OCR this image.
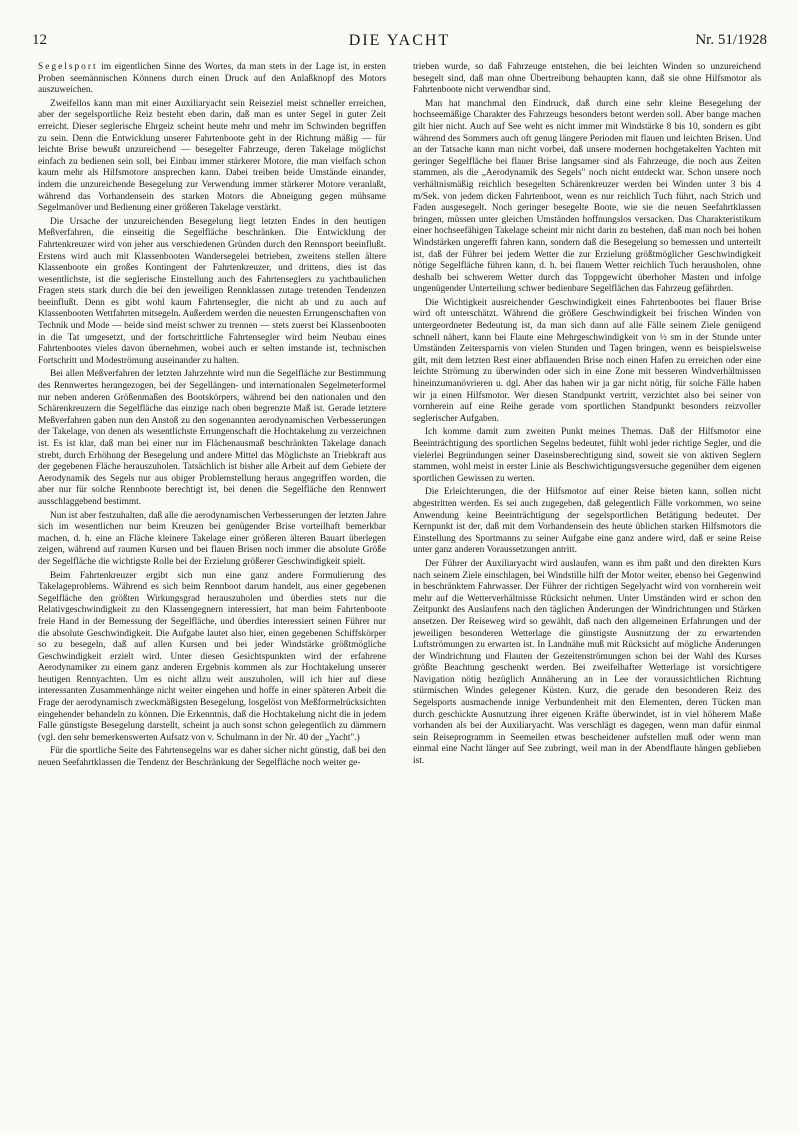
12	DIE YACHT	Nr. 51/1928

Segelsport im eigentlichen Sinne des Wortes, da man stets in der Lage ist, in ersten Proben seemännischen Könnens durch einen Druck auf den Anlaßknopf des Motors auszuweichen.

Zweifellos kann man mit einer Auxiliaryacht sein Reiseziel meist schneller erreichen, aber der segelsportliche Reiz besteht eben darin, daß man es unter Segel in guter Zeit erreicht. Dieser seglerische Ehrgeiz scheint heute mehr und mehr im Schwinden begriffen zu sein. Denn die Entwicklung unserer Fahrtenboote geht in der Richtung mäßig — für leichte Brise bewußt unzureichend — besegelter Fahrzeuge, deren Takelage möglichst einfach zu bedienen sein soll, bei Einbau immer stärkerer Motore, die man vielfach schon kaum mehr als Hilfsmotore ansprechen kann. Dabei treiben beide Umstände einander, indem die unzureichende Besegelung zur Verwendung immer stärkerer Motore veranlaßt, während das Vorhandensein des starken Motors die Abneigung gegen mühsame Segelmanöver und Bedienung einer größeren Takelage verstärkt.

Die Ursache der unzureichenden Besegelung liegt letzten Endes in den heutigen Meßverfahren, die einseitig die Segelfläche beschränken. Die Entwicklung der Fahrtenkreuzer wird von jeher aus verschiedenen Gründen durch den Rennsport beeinflußt. Erstens wird auch mit Klassenbooten Wandersegelei betrieben, zweitens stellen ältere Klassenboote ein großes Kontingent der Fahrtenkreuzer, und drittens, dies ist das wesentlichste, ist die seglerische Einstellung auch des Fahrtenseglers zu yachtbaulichen Fragen stets stark durch die bei den jeweiligen Rennklassen zutage tretenden Tendenzen beeinflußt. Denn es gibt wohl kaum Fahrtensegler, die nicht ab und zu auch auf Klassenbooten Wettfahrten mitsegeln. Außerdem werden die neuesten Errungenschaften von Technik und Mode — beide sind meist schwer zu trennen — stets zuerst bei Klassenbooten in die Tat umgesetzt, und der fortschrittliche Fahrtensegler wird beim Neubau eines Fahrtenbootes vieles davon übernehmen, wobei auch er selten imstande ist, technischen Fortschritt und Modeströmung auseinander zu halten.

Bei allen Meßverfahren der letzten Jahrzehnte wird nun die Segelfläche zur Bestimmung des Rennwertes herangezogen, bei der Segellängen- und internationalen Segelmeterformel nur neben anderen Größenmaßen des Bootskörpers, während bei den nationalen und den Schärenkreuzern die Segelfläche das einzige nach oben begrenzte Maß ist. Gerade letztere Meßverfahren gaben nun den Anstoß zu den sogenannten aerodynamischen Verbesserungen der Takelage, von denen als wesentlichste Errungenschaft die Hochtakelung zu verzeichnen ist. Es ist klar, daß man bei einer nur im Flächenausmaß beschränkten Takelage danach strebt, durch Erhöhung der Besegelung und andere Mittel das Möglichste an Triebkraft aus der gegebenen Fläche herauszuholen. Tatsächlich ist bisher alle Arbeit auf dem Gebiete der Aerodynamik des Segels nur aus obiger Problemstellung heraus angegriffen worden, die aber nur für solche Rennboote berechtigt ist, bei denen die Segelfläche den Rennwert ausschlaggebend bestimmt.

Nun ist aber festzuhalten, daß alle die aerodynamischen Verbesserungen der letzten Jahre sich im wesentlichen nur beim Kreuzen bei genügender Brise vorteilhaft bemerkbar machen, d. h. eine an Fläche kleinere Takelage einer größeren älteren Bauart überlegen zeigen, während auf raumen Kursen und bei flauen Brisen noch immer die absolute Größe der Segelfläche die wichtigste Rolle bei der Erzielung größerer Geschwindigkeit spielt.

Beim Fahrtenkreuzer ergibt sich nun eine ganz andere Formulierung des Takelageproblems. Während es sich beim Rennboot darum handelt, aus einer gegebenen Segelfläche den größten Wirkungsgrad herauszuholen und überdies stets nur die Relativgeschwindigkeit zu den Klassengegnern interessiert, hat man beim Fahrtenboote freie Hand in der Bemessung der Segelfläche, und überdies interessiert seinen Führer nur die absolute Geschwindigkeit. Die Aufgabe lautet also hier, einen gegebenen Schiffskörper so zu besegeln, daß auf allen Kursen und bei jeder Windstärke größtmögliche Geschwindigkeit erzielt wird. Unter diesen Gesichtspunkten wird der erfahrene Aerodynamiker zu einem ganz anderen Ergebnis kommen als zur Hochtakelung unserer heutigen Rennyachten. Um es nicht allzu weit auszuholen, will ich hier auf diese interessanten Zusammenhänge nicht weiter eingehen und hoffe in einer späteren Arbeit die Frage der aerodynamisch zweckmäßigsten Besegelung, losgelöst von Meßformelrücksichten eingehender behandeln zu können. Die Erkenntnis, daß die Hochtakelung nicht die in jedem Falle günstigste Besegelung darstellt, scheint ja auch sonst schon gelegentlich zu dämmern (vgl. den sehr bemerkenswerten Aufsatz von v. Schulmann in der Nr. 40 der „Yacht".)

Für die sportliche Seite des Fahrtensegelns war es daher sicher nicht günstig, daß bei den neuen Seefahrtklassen die Tendenz der Beschränkung der Segelfläche noch weiter ge-

trieben wurde, so daß Fahrzeuge entstehen, die bei leichten Winden so unzureichend besegelt sind, daß man ohne Übertreibung behaupten kann, daß sie ohne Hilfsmotor als Fahrtenboote nicht verwendbar sind.

Man hat manchmal den Eindruck, daß durch eine sehr kleine Besegelung der hochseemäßige Charakter des Fahrzeugs besonders betont werden soll. Aber bange machen gilt hier nicht. Auch auf See weht es nicht immer mit Windstärke 8 bis 10, sondern es gibt während des Sommers auch oft genug längere Perioden mit flauen und leichten Brisen. Und an der Tatsache kann man nicht vorbei, daß unsere modernen hochgetakelten Yachten mit geringer Segelfläche bei flauer Brise langsamer sind als Fahrzeuge, die noch aus Zeiten stammen, als die „Aerodynamik des Segels" noch nicht entdeckt war. Schon unsere noch verhältnismäßig reichlich besegelten Schärenkreuzer werden bei Winden unter 3 bis 4 m/Sek. von jedem dicken Fahrtenboot, wenn es nur reichlich Tuch führt, nach Strich und Faden ausgesegelt. Noch geringer besegelte Boote, wie sie die neuen Seefahrtklassen bringen, müssen unter gleichen Umständen hoffnungslos versacken. Das Charakteristikum einer hochseefähigen Takelage scheint mir nicht darin zu bestehen, daß man noch bei hohen Windstärken ungerefft fahren kann, sondern daß die Besegelung so bemessen und unterteilt ist, daß der Führer bei jedem Wetter die zur Erzielung größtmöglicher Geschwindigkeit nötige Segelfläche führen kann, d. h. bei flauem Wetter reichlich Tuch herausholen, ohne deshalb bei schwerem Wetter durch das Toppgewicht überhoher Masten und infolge ungenügender Unterteilung schwer bedienbare Segelflächen das Fahrzeug gefährden.

Die Wichtigkeit ausreichender Geschwindigkeit eines Fahrtenbootes bei flauer Brise wird oft unterschätzt. Während die größere Geschwindigkeit bei frischen Winden von untergeordneter Bedeutung ist, da man sich dann auf alle Fälle seinem Ziele genügend schnell nähert, kann bei Flaute eine Mehrgeschwindigkeit von ½ sm in der Stunde unter Umständen Zeitersparnis von vielen Stunden und Tagen bringen, wenn es beispielsweise gilt, mit dem letzten Rest einer abflauenden Brise noch einen Hafen zu erreichen oder eine leichte Strömung zu überwinden oder sich in eine Zone mit besseren Windverhältnissen hineinzumanövrieren u. dgl. Aber das haben wir ja gar nicht nötig, für solche Fälle haben wir ja einen Hilfsmotor. Wer diesen Standpunkt vertritt, verzichtet also bei seiner von vornherein auf eine Reihe gerade vom sportlichen Standpunkt besonders reizvoller seglerischer Aufgaben.

Ich komme damit zum zweiten Punkt meines Themas. Daß der Hilfsmotor eine Beeinträchtigung des sportlichen Segelns bedeutet, fühlt wohl jeder richtige Segler, und die vielerlei Begründungen seiner Daseinsberechtigung sind, soweit sie von aktiven Seglern stammen, wohl meist in erster Linie als Beschwichtigungsversuche gegenüber dem eigenen sportlichen Gewissen zu werten.

Die Erleichterungen, die der Hilfsmotor auf einer Reise bieten kann, sollen nicht abgestritten werden. Es sei auch zugegeben, daß gelegentlich Fälle vorkommen, wo seine Anwendung keine Beeinträchtigung der segelsportlichen Betätigung bedeutet. Der Kernpunkt ist der, daß mit dem Vorhandensein des heute üblichen starken Hilfsmotors die Einstellung des Sportmanns zu seiner Aufgabe eine ganz andere wird, daß er seine Reise unter ganz anderen Voraussetzungen antritt.

Der Führer der Auxiliaryacht wird auslaufen, wann es ihm paßt und den direkten Kurs nach seinem Ziele einschlagen, bei Windstille hilft der Motor weiter, ebenso bei Gegenwind in beschränktem Fahrwasser. Der Führer der richtigen Segelyacht wird von vornherein weit mehr auf die Wetterverhältnisse Rücksicht nehmen. Unter Umständen wird er schon den Zeitpunkt des Auslaufens nach den täglichen Änderungen der Windrichtungen und Stärken ansetzen. Der Reiseweg wird so gewählt, daß nach den allgemeinen Erfahrungen und der jeweiligen besonderen Wetterlage die günstigste Ausnutzung der zu erwartenden Luftströmungen zu erwarten ist. In Landnähe muß mit Rücksicht auf mögliche Änderungen der Windrichtung und Flauten der Gezeitenströmungen schon bei der Wahl des Kurses größte Beachtung geschenkt werden. Bei zweifelhafter Wetterlage ist vorsichtigere Navigation nötig bezüglich Annäherung an in Lee der voraussichtlichen Richtung stürmischen Windes gelegener Küsten. Kurz, die gerade den besonderen Reiz des Segelsports ausmachende innige Verbundenheit mit den Elementen, deren Tücken man durch geschickte Ausnutzung ihrer eigenen Kräfte überwindet, ist in viel höherem Maße vorhanden als bei der Auxiliaryacht. Was verschlägt es dagegen, wenn man dafür einmal sein Reiseprogramm in Seemeilen etwas bescheidener aufstellen muß oder wenn man einmal eine Nacht länger auf See zubringt, weil man in der Abendflaute hängen geblieben ist.
